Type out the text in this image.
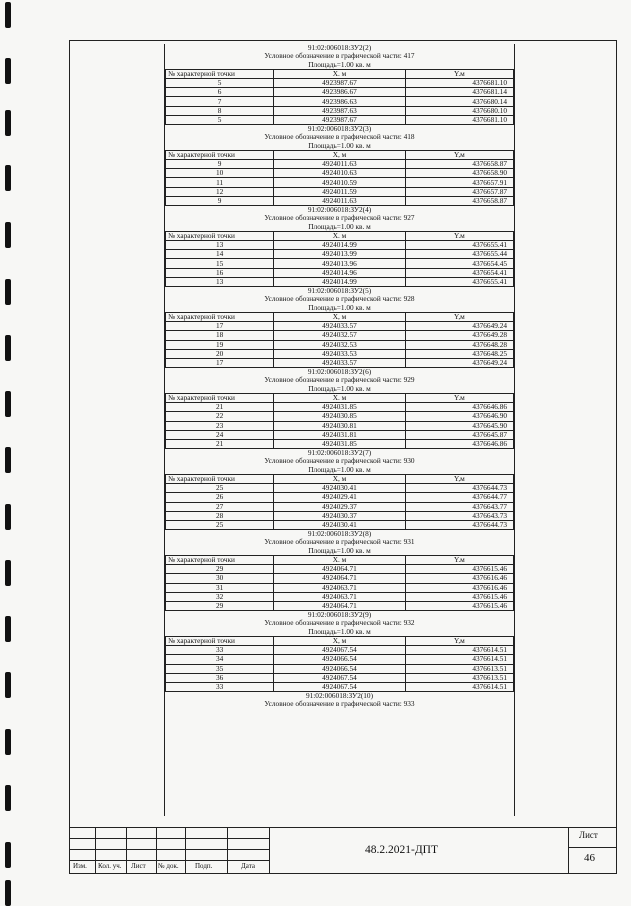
91:02:006018:ЗУ2(2)
Условное обозначение в графической части: 417
Площадь=1.00 кв. м
№ характерной точки	X. м	Y.м
5	4923987.67	4376681.10
6	4923986.67	4376681.14
7	4923986.63	4376680.14
8	4923987.63	4376680.10
5	4923987.67	4376681.10
91:02:006018:ЗУ2(3)
Условное обозначение в графической части: 418
Площадь=1.00 кв. м
№ характерной точки	X, м	Y,м
9	4924011.63	4376658.87
10	4924010.63	4376658.90
11	4924010.59	4376657.91
12	4924011.59	4376657.87
9	4924011.63	4376658.87
91:02:006018:ЗУ2(4)
Условное обозначение в графической части: 927
Площадь=1.00 кв. м
№ характерной точки	X. м	Y.м
13	4924014.99	4376655.41
14	4924013.99	4376655.44
15	4924013.96	4376654.45
16	4924014.96	4376654.41
13	4924014.99	4376655.41
91:02:006018:ЗУ2(5)
Условное обозначение в графической части: 928
Площадь=1.00 кв. м
№ характерной точки	X, м	Y,м
17	4924033.57	4376649.24
18	4924032.57	4376649.28
19	4924032.53	4376648.28
20	4924033.53	4376648.25
17	4924033.57	4376649.24
91:02:006018:ЗУ2(6)
Условное обозначение в графической части: 929
Площадь=1.00 кв. м
№ характерной точки	X. м	Y.м
21	4924031.85	4376646.86
22	4924030.85	4376646.90
23	4924030.81	4376645.90
24	4924031.81	4376645.87
21	4924031.85	4376646.86
91:02:006018:ЗУ2(7)
Условное обозначение в графической части: 930
Площадь=1.00 кв. м
№ характерной точки	X, м	Y,м
25	4924030.41	4376644.73
26	4924029.41	4376644.77
27	4924029.37	4376643.77
28	4924030.37	4376643.73
25	4924030.41	4376644.73
91:02:006018:ЗУ2(8)
Условное обозначение в графической части: 931
Площадь=1.00 кв. м
№ характерной точки	X. м	Y.м
29	4924064.71	4376615.46
30	4924064.71	4376616.46
31	4924063.71	4376616.46
32	4924063.71	4376615.46
29	4924064.71	4376615.46
91:02:006018:ЗУ2(9)
Условное обозначение в графической части: 932
Площадь=1.00 кв. м
№ характерной точки	X, м	Y,м
33	4924067.54	4376614.51
34	4924066.54	4376614.51
35	4924066.54	4376613.51
36	4924067.54	4376613.51
33	4924067.54	4376614.51
91:02:006018:ЗУ2(10)
Условное обозначение в графической части: 933
Изм. Кол. уч. Лист № док. Подп.	Дата
48.2.2021-ДПТ
Лист
46
